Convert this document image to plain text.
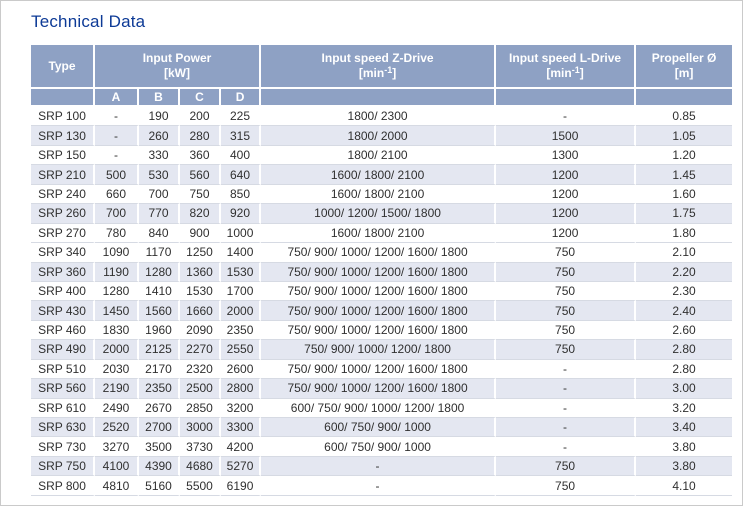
Technical Data
Type	
Input Power
[kW]

Input speed Z-Drive
$[\min^{-1}]$

Input speed L-Drive
$[\min^{-1}]$

Propeller Ø
[m]

	A	B	C	D			
SRP 100	-	190	200	225	1800/ 2300	-	0.85
SRP 130	-	260	280	315	1800/ 2000	1500	1.05
SRP 150	-	330	360	400	1800/ 2100	1300	1.20
SRP 210	500	530	560	640	1600/ 1800/ 2100	1200	1.45
SRP 240	660	700	750	850	1600/ 1800/ 2100	1200	1.60
SRP 260	700	770	820	920	1000/ 1200/ 1500/ 1800	1200	1.75
SRP 270	780	840	900	1000	1600/ 1800/ 2100	1200	1.80
SRP 340	1090	1170	1250	1400	750/ 900/ 1000/ 1200/ 1600/ 1800	750	2.10
SRP 360	1190	1280	1360	1530	750/ 900/ 1000/ 1200/ 1600/ 1800	750	2.20
SRP 400	1280	1410	1530	1700	750/ 900/ 1000/ 1200/ 1600/ 1800	750	2.30
SRP 430	1450	1560	1660	2000	750/ 900/ 1000/ 1200/ 1600/ 1800	750	2.40
SRP 460	1830	1960	2090	2350	750/ 900/ 1000/ 1200/ 1600/ 1800	750	2.60
SRP 490	2000	2125	2270	2550	750/ 900/ 1000/ 1200/ 1800	750	2.80
SRP 510	2030	2170	2320	2600	750/ 900/ 1000/ 1200/ 1600/ 1800	-	2.80
SRP 560	2190	2350	2500	2800	750/ 900/ 1000/ 1200/ 1600/ 1800	-	3.00
SRP 610	2490	2670	2850	3200	600/ 750/ 900/ 1000/ 1200/ 1800	-	3.20
SRP 630	2520	2700	3000	3300	600/ 750/ 900/ 1000	-	3.40
SRP 730	3270	3500	3730	4200	600/ 750/ 900/ 1000	-	3.80
SRP 750	4100	4390	4680	5270	-	750	3.80
SRP 800	4810	5160	5500	6190	-	750	4.10
